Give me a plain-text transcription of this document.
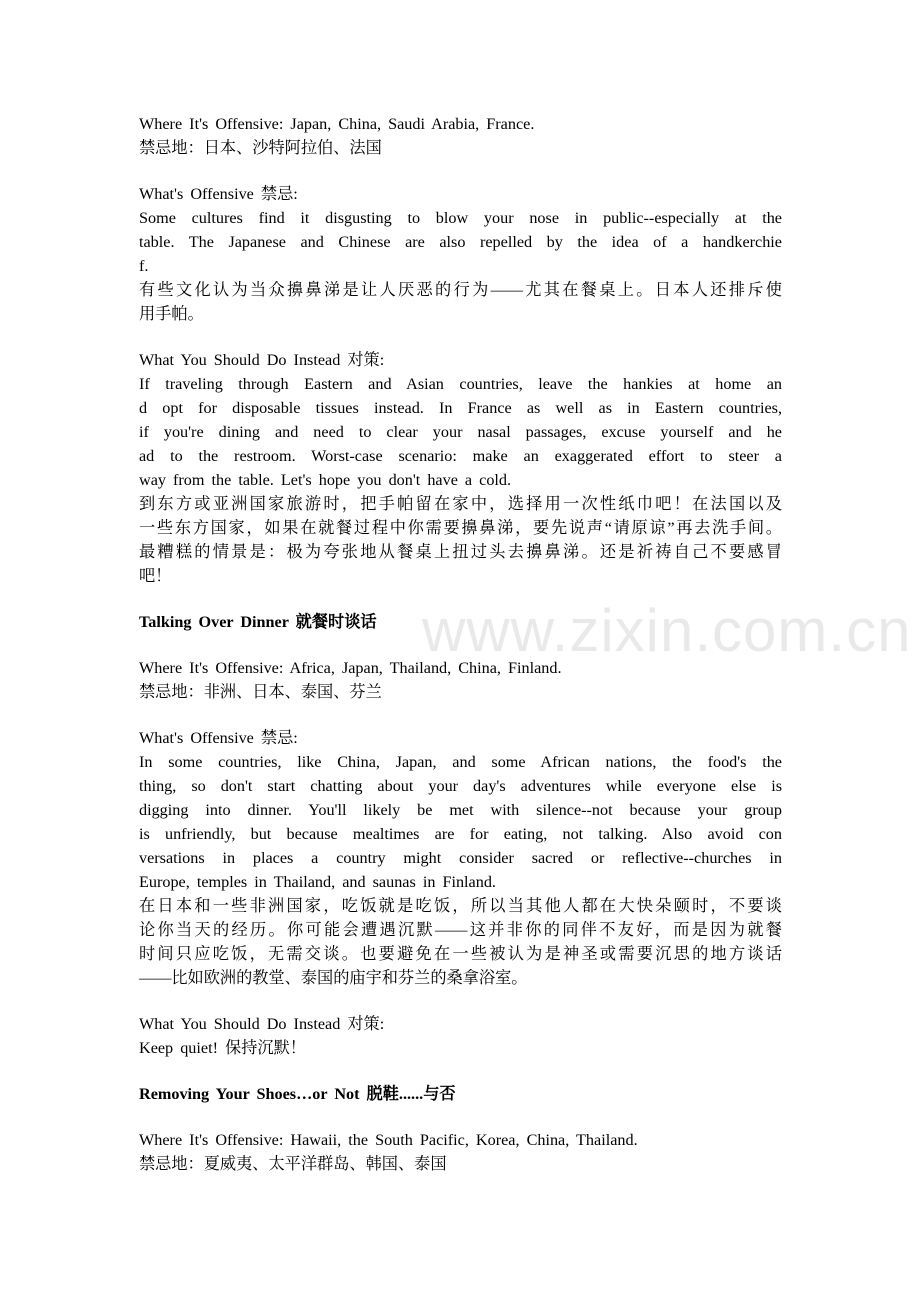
www.zixin.com.cn
Where It's Offensive: Japan, China, Saudi Arabia, France.
禁忌地：日本、沙特阿拉伯、法国
What's Offensive 禁忌:
Some cultures find it disgusting to blow your nose in public--especially at the
table. The Japanese and Chinese are also repelled by the idea of a handkerchie
f.
有些文化认为当众擤鼻涕是让人厌恶的行为——尤其在餐桌上。日本人还排斥使
用手帕。
What You Should Do Instead 对策:
If traveling through Eastern and Asian countries, leave the hankies at home an
d opt for disposable tissues instead. In France as well as in Eastern countries,
if you're dining and need to clear your nasal passages, excuse yourself and he
ad to the restroom. Worst-case scenario: make an exaggerated effort to steer a
way from the table. Let's hope you don't have a cold.
到东方或亚洲国家旅游时，把手帕留在家中，选择用一次性纸巾吧！在法国以及
一些东方国家，如果在就餐过程中你需要擤鼻涕，要先说声“请原谅”再去洗手间。
最糟糕的情景是：极为夸张地从餐桌上扭过头去擤鼻涕。还是祈祷自己不要感冒
吧！
Talking Over Dinner 就餐时谈话
Where It's Offensive: Africa, Japan, Thailand, China, Finland.
禁忌地：非洲、日本、泰国、芬兰
What's Offensive 禁忌:
In some countries, like China, Japan, and some African nations, the food's the
thing, so don't start chatting about your day's adventures while everyone else is
digging into dinner. You'll likely be met with silence--not because your group
is unfriendly, but because mealtimes are for eating, not talking. Also avoid con
versations in places a country might consider sacred or reflective--churches in
Europe, temples in Thailand, and saunas in Finland.
在日本和一些非洲国家，吃饭就是吃饭，所以当其他人都在大快朵颐时，不要谈
论你当天的经历。你可能会遭遇沉默——这并非你的同伴不友好，而是因为就餐
时间只应吃饭，无需交谈。也要避免在一些被认为是神圣或需要沉思的地方谈话
——比如欧洲的教堂、泰国的庙宇和芬兰的桑拿浴室。
What You Should Do Instead 对策:
Keep quiet! 保持沉默！
Removing Your Shoes…or Not 脱鞋......与否
Where It's Offensive: Hawaii, the South Pacific, Korea, China, Thailand.
禁忌地：夏威夷、太平洋群岛、韩国、泰国
